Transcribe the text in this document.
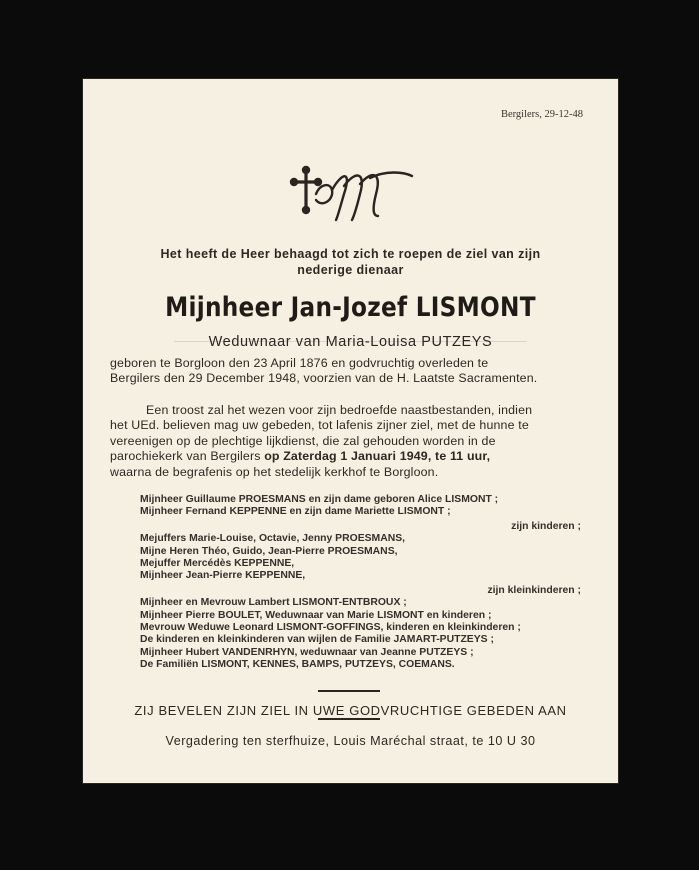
Bergilers, 29-12-48

M
Het heeft de Heer behaagd tot zich te roepen de ziel van zijn
nederige dienaar
Mijnheer Jan-Jozef LISMONT
Weduwnaar van Maria-Louisa PUTZEYS
geboren te Borgloon den 23 April 1876 en godvruchtig overleden te
Bergilers den 29 December 1948, voorzien van de H. Laatste Sacramenten.
Een troost zal het wezen voor zijn bedroefde naastbestanden, indien
het UEd. believen mag uw gebeden, tot lafenis zijner ziel, met de hunne te
vereenigen op de plechtige lijkdienst, die zal gehouden worden in de
parochiekerk van Bergilers op Zaterdag 1 Januari 1949, te 11 uur,
waarna de begrafenis op het stedelijk kerkhof te Borgloon.
Mijnheer Guillaume PROESMANS en zijn dame geboren Alice LISMONT ;
Mijnheer Fernand KEPPENNE en zijn dame Mariette LISMONT ;
zijn kinderen ;
Mejuffers Marie-Louise, Octavie, Jenny PROESMANS,
Mijne Heren Théo, Guido, Jean-Pierre PROESMANS,
Mejuffer Mercédès KEPPENNE,
Mijnheer Jean-Pierre KEPPENNE,
zijn kleinkinderen ;
Mijnheer en Mevrouw Lambert LISMONT-ENTBROUX ;
Mijnheer Pierre BOULET, Weduwnaar van Marie LISMONT en kinderen ;
Mevrouw Weduwe Leonard LISMONT-GOFFINGS, kinderen en kleinkinderen ;
De kinderen en kleinkinderen van wijlen de Familie JAMART-PUTZEYS ;
Mijnheer Hubert VANDENRHYN, weduwnaar van Jeanne PUTZEYS ;
De Familiën LISMONT, KENNES, BAMPS, PUTZEYS, COEMANS.
ZIJ BEVELEN ZIJN ZIEL IN UWE GODVRUCHTIGE GEBEDEN AAN
Vergadering ten sterfhuize, Louis Maréchal straat, te 10 U 30
